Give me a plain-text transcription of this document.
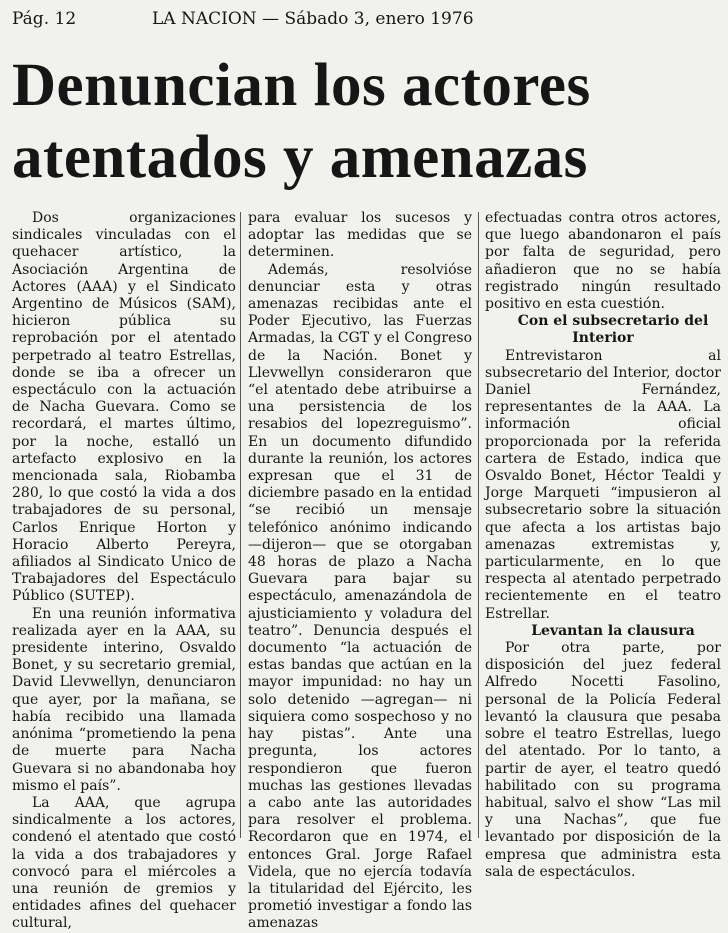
Pág. 12	LA NACION — Sábado 3, enero 1976
Denuncian los actores
atentados y amenazas

Dos organizaciones sindicales vinculadas con el quehacer artístico, la Asociación Argentina de Actores (AAA) y el Sindicato Argentino de Músicos (SAM), hicieron pública su reprobación por el atentado perpetrado al teatro Estrellas, donde se iba a ofrecer un espectáculo con la actuación de Nacha Guevara. Como se recordará, el martes último, por la noche, estalló un artefacto explosivo en la mencionada sala, Riobamba 280, lo que costó la vida a dos trabajadores de su personal, Carlos Enrique Horton y Horacio Alberto Pereyra, afiliados al Sindicato Unico de Trabajadores del Espectáculo Público (SUTEP).

En una reunión informativa realizada ayer en la AAA, su presidente interino, Osvaldo Bonet, y su secretario gremial, David Llevwellyn, denunciaron que ayer, por la mañana, se había recibido una llamada anónima “prometiendo la pena de muerte para Nacha Guevara si no abandonaba hoy mismo el país”.

La AAA, que agrupa sindicalmente a los actores, condenó el atentado que costó la vida a dos trabajadores y convocó para el miércoles a una reunión de gremios y entidades afines del quehacer cultural,

para evaluar los sucesos y adoptar las medidas que se determinen.

Además, resolvióse denunciar esta y otras amenazas recibidas ante el Poder Ejecutivo, las Fuerzas Armadas, la CGT y el Congreso de la Nación. Bonet y Llevwellyn consideraron que “el atentado debe atribuirse a una persistencia de los resabios del lopezreguismo”. En un documento difundido durante la reunión, los actores expresan que el 31 de diciembre pasado en la entidad “se recibió un mensaje telefónico anónimo indicando —dijeron— que se otorgaban 48 horas de plazo a Nacha Guevara para bajar su espectáculo, amenazándola de ajusticiamiento y voladura del teatro”. Denuncia después el documento “la actuación de estas bandas que actúan en la mayor impunidad: no hay un solo detenido —agregan— ni siquiera como sospechoso y no hay pistas”. Ante una pregunta, los actores respondieron que fueron muchas las gestiones llevadas a cabo ante las autoridades para resolver el problema. Recordaron que en 1974, el entonces Gral. Jorge Rafael Videla, que no ejercía todavía la titularidad del Ejército, les prometió investigar a fondo las amenazas

efectuadas contra otros actores, que luego abandonaron el país por falta de seguridad, pero añadieron que no se había registrado ningún resultado positivo en esta cuestión.

Con el subsecretario del Interior

Entrevistaron al subsecretario del Interior, doctor Daniel Fernández, representantes de la AAA. La información oficial proporcionada por la referida cartera de Estado, indica que Osvaldo Bonet, Héctor Tealdi y Jorge Marqueti “impusieron al subsecretario sobre la situación que afecta a los artistas bajo amenazas extremistas y, particularmente, en lo que respecta al atentado perpetrado recientemente en el teatro Estrellar.

Levantan la clausura

Por otra parte, por disposición del juez federal Alfredo Nocetti Fasolino, personal de la Policía Federal levantó la clausura que pesaba sobre el teatro Estrellas, luego del atentado. Por lo tanto, a partir de ayer, el teatro quedó habilitado con su programa habitual, salvo el show “Las mil y una Nachas”, que fue levantado por disposición de la empresa que administra esta sala de espectáculos.
